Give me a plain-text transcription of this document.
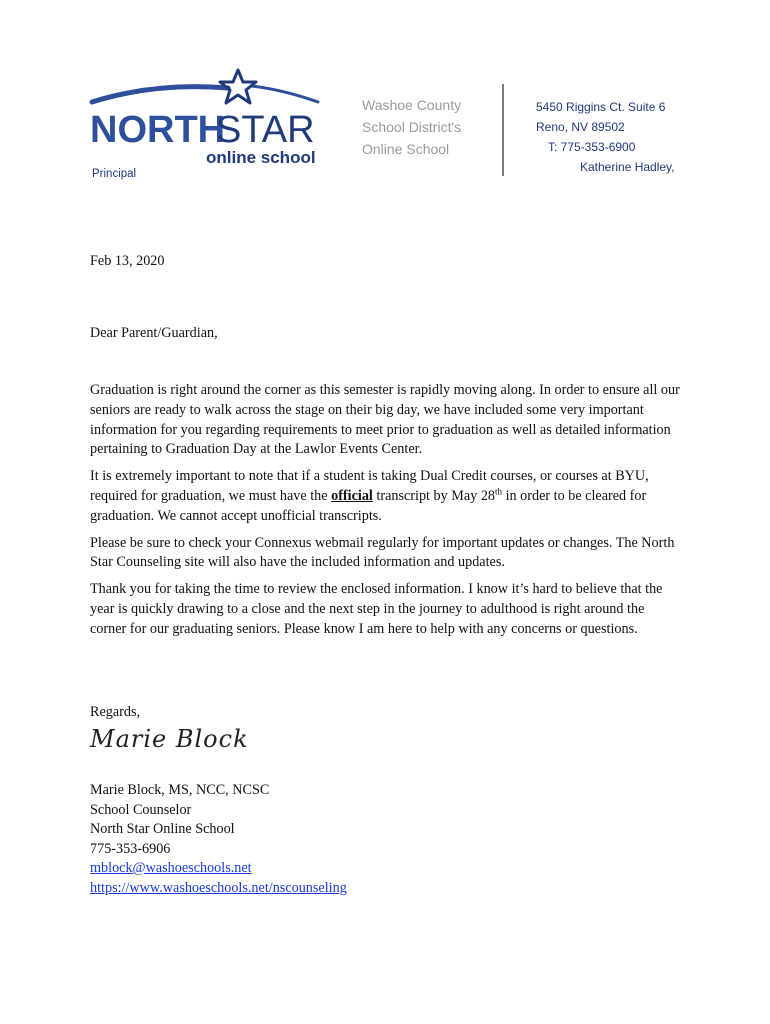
NORTH
STAR
online school
Principal
Washoe County
School District's
Online School
5450 Riggins Ct. Suite 6
Reno, NV 89502
T: 775-353-6900
Katherine Hadley,

Feb 13, 2020

Dear Parent/Guardian,

Graduation is right around the corner as this semester is rapidly moving along. In order to ensure all our seniors are ready to walk across the stage on their big day, we have included some very important information for you regarding requirements to meet prior to graduation as well as detailed information pertaining to Graduation Day at the Lawlor Events Center.

It is extremely important to note that if a student is taking Dual Credit courses, or courses at BYU, required for graduation, we must have the official transcript by May 28th in order to be cleared for graduation. We cannot accept unofficial transcripts.

Please be sure to check your Connexus webmail regularly for important updates or changes. The North Star Counseling site will also have the included information and updates.

Thank you for taking the time to review the enclosed information. I know it’s hard to believe that the year is quickly drawing to a close and the next step in the journey to adulthood is right around the corner for our graduating seniors. Please know I am here to help with any concerns or questions.

Regards,

Marie Block
Marie Block, MS, NCC, NCSC
School Counselor
North Star Online School
775-353-6906
mblock@washoeschools.net
https://www.washoeschools.net/nscounseling
